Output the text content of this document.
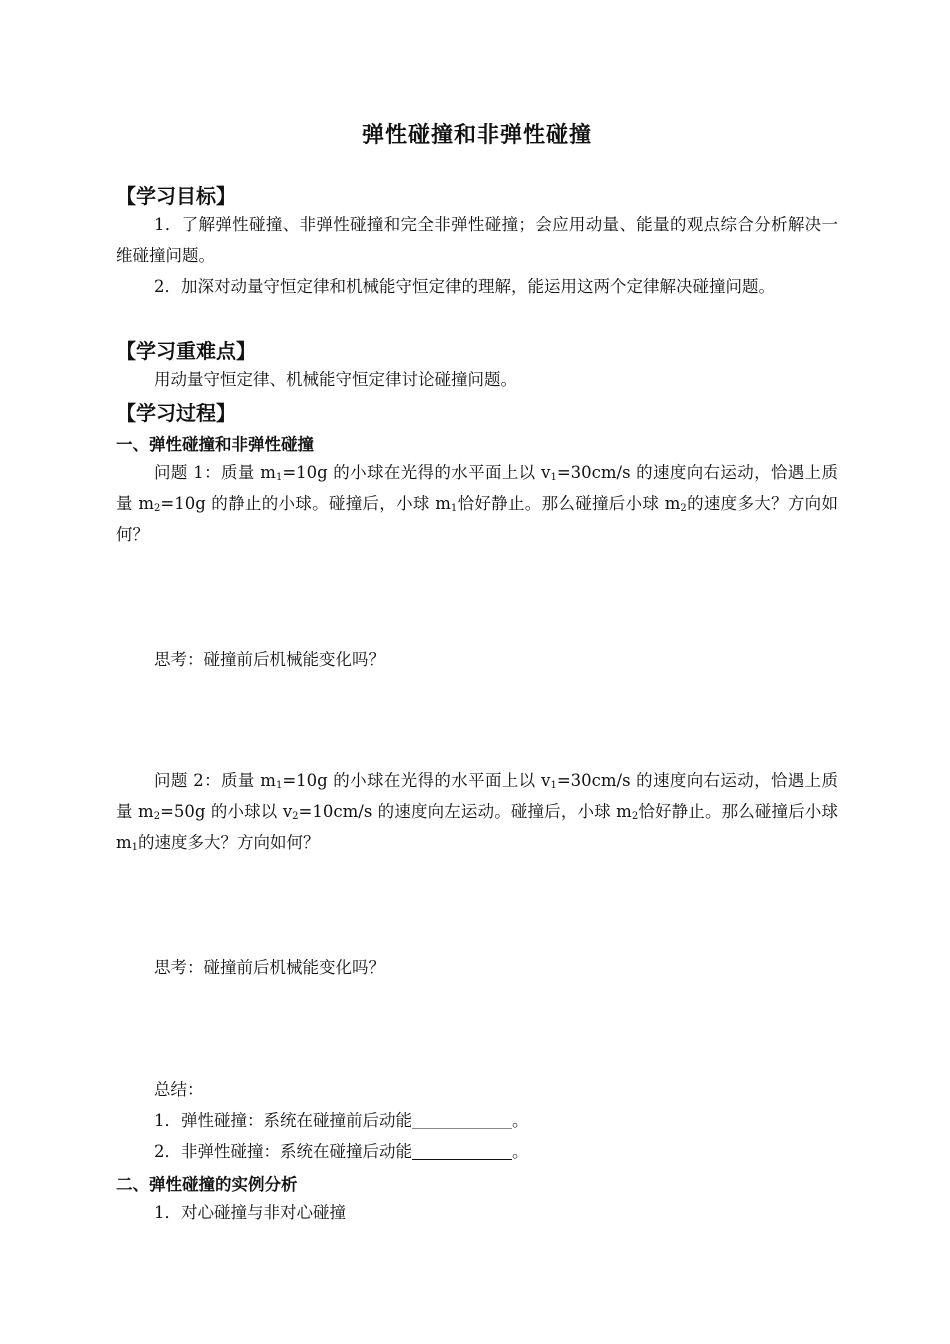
弹性碰撞和非弹性碰撞
【学习目标】

1．了解弹性碰撞、非弹性碰撞和完全非弹性碰撞；会应用动量、能量的观点综合分析解决一维碰撞问题。

2．加深对动量守恒定律和机械能守恒定律的理解，能运用这两个定律解决碰撞问题。

【学习重难点】

用动量守恒定律、机械能守恒定律讨论碰撞问题。

【学习过程】
一、弹性碰撞和非弹性碰撞

问题 1：质量 $m_1=10g$ 的小球在光得的水平面上以 $v_1=30cm/s$ 的速度向右运动，恰遇上质量 $m_2=10g$ 的静止的小球。碰撞后，小球 $m_1$恰好静止。那么碰撞后小球 $m_2$的速度多大？方向如何？

思考：碰撞前后机械能变化吗？

问题 2：质量 $m_1=10g$ 的小球在光得的水平面上以 $v_1=30cm/s$ 的速度向右运动，恰遇上质量 $m_2=50g$ 的小球以 $v_2=10cm/s$ 的速度向左运动。碰撞后，小球 $m_2$恰好静止。那么碰撞后小球 $m_1$的速度多大？方向如何？

思考：碰撞前后机械能变化吗？
总结：
1．弹性碰撞：系统在碰撞前后动能	。
2．非弹性碰撞：系统在碰撞后动能	。
二、弹性碰撞的实例分析
1．对心碰撞与非对心碰撞
